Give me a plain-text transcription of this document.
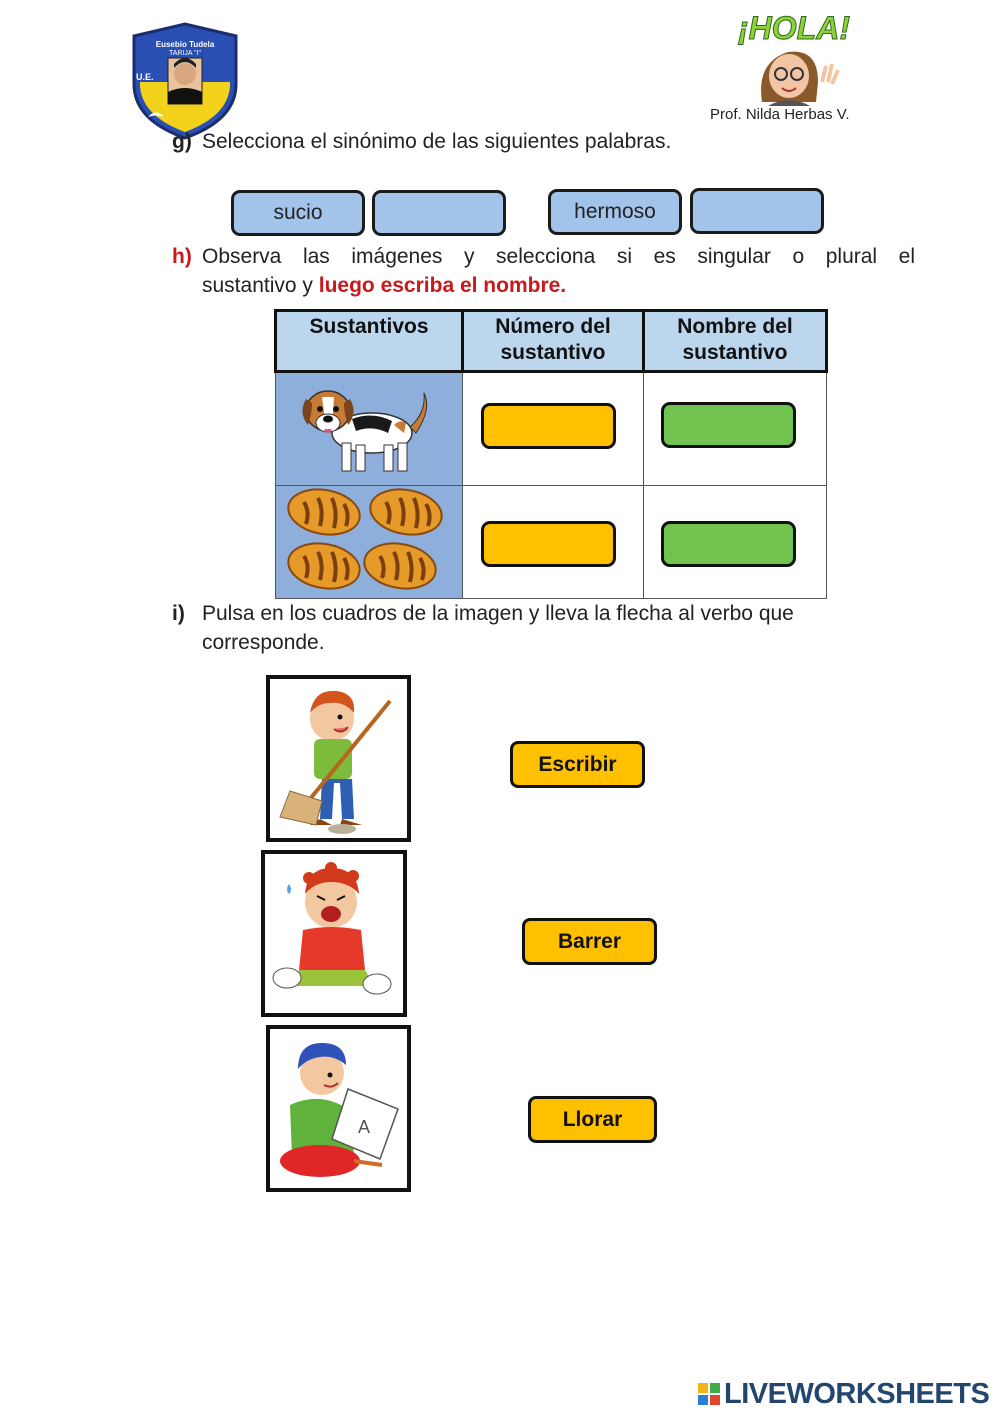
Eusebio Tudela
TARIJA "I"
U.E.
¡HOLA!
Prof. Nilda Herbas V.
g) Selecciona el sinónimo de las siguientes palabras.
sucio	hermoso
h) Observa las imágenes y selecciona si es singular o plural el
sustantivo y luego escriba el nombre.
Sustantivos	Número del sustantivo	Nombre del sustantivo

i) Pulsa en los cuadros de la imagen y lleva la flecha al verbo que
corresponde.
A
Escribir
Barrer
Llorar
LIVEWORKSHEETS
